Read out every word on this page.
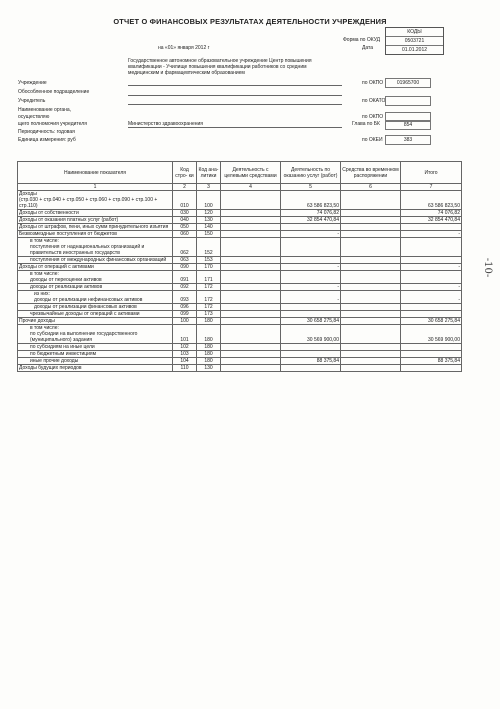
ОТЧЕТ О ФИНАНСОВЫХ РЕЗУЛЬТАТАХ ДЕЯТЕЛЬНОСТИ УЧРЕЖДЕНИЯ
КОДЫ
0503721
01.01.2012
Форма по ОКУД
Дата
на «01» января 2012 г
Государственное автономное образовательное учреждение Центр повышения квалификации - Училище повышения квалификации работников со средним медицинским и фармацевтическим образованием
Учреждение
Обособленное подразделение
Учредитель
Наименование органа,
осуществляю
щего полномочия учредителя	Министерство здравоохранения
Периодичность: годовая
Единица измерения: руб
по ОКПО	01965700
по ОКАТО
по ОКПО
Глава по БК	854
по ОКЕИ	383
Наименование показателя	Код стро- ки	Код ана- литики	Деятельность с целевыми средствами	Деятельность по оказанию услуг (работ)	Средства во временном распоряжении	Итого
1	2	3	4	5	6	7
Доходы
(стр.030 + стр.040 + стр.050 + стр.060 + стр.090 + стр.100 + стр.110)	010	100		63 586 823,50		63 586 823,50
Доходы от собственности	030	120		74 076,82		74 076,82
Доходы от оказания платных услуг (работ)	040	130		32 854 470,84		32 854 470,84
Доходы от штрафов, пени, иных сумм принудительного изъятия	050	140				
Безвозмездные поступления от бюджетов	060	150		-		-
в том числе:
поступления от наднациональных организаций и правительств иностранных государств	062	152				
поступления от международных финансовых организаций	063	153				
Доходы от операций с активами	090	170		-		-
в том числе:
доходы от переоценки активов	091	171				
доходы от реализации активов	092	172		-		-
из них:
доходы от реализации нефинансовых активов	093	172		-		-
доходы от реализации финансовых активов	096	172				
чрезвычайные доходы от операций с активами	099	173				
Прочие доходы	100	180		30 658 275,84		30 658 275,84
в том числе:
по субсидии на выполнение государственного (муниципального) задания	101	180		30 569 900,00		30 569 900,00
по субсидиям на иные цели	102	180				
по бюджетным инвестициям	103	180				
иные прочие доходы	104	180		88 375,84		88 375,84
Доходы будущих периодов	110	130				
-10-
